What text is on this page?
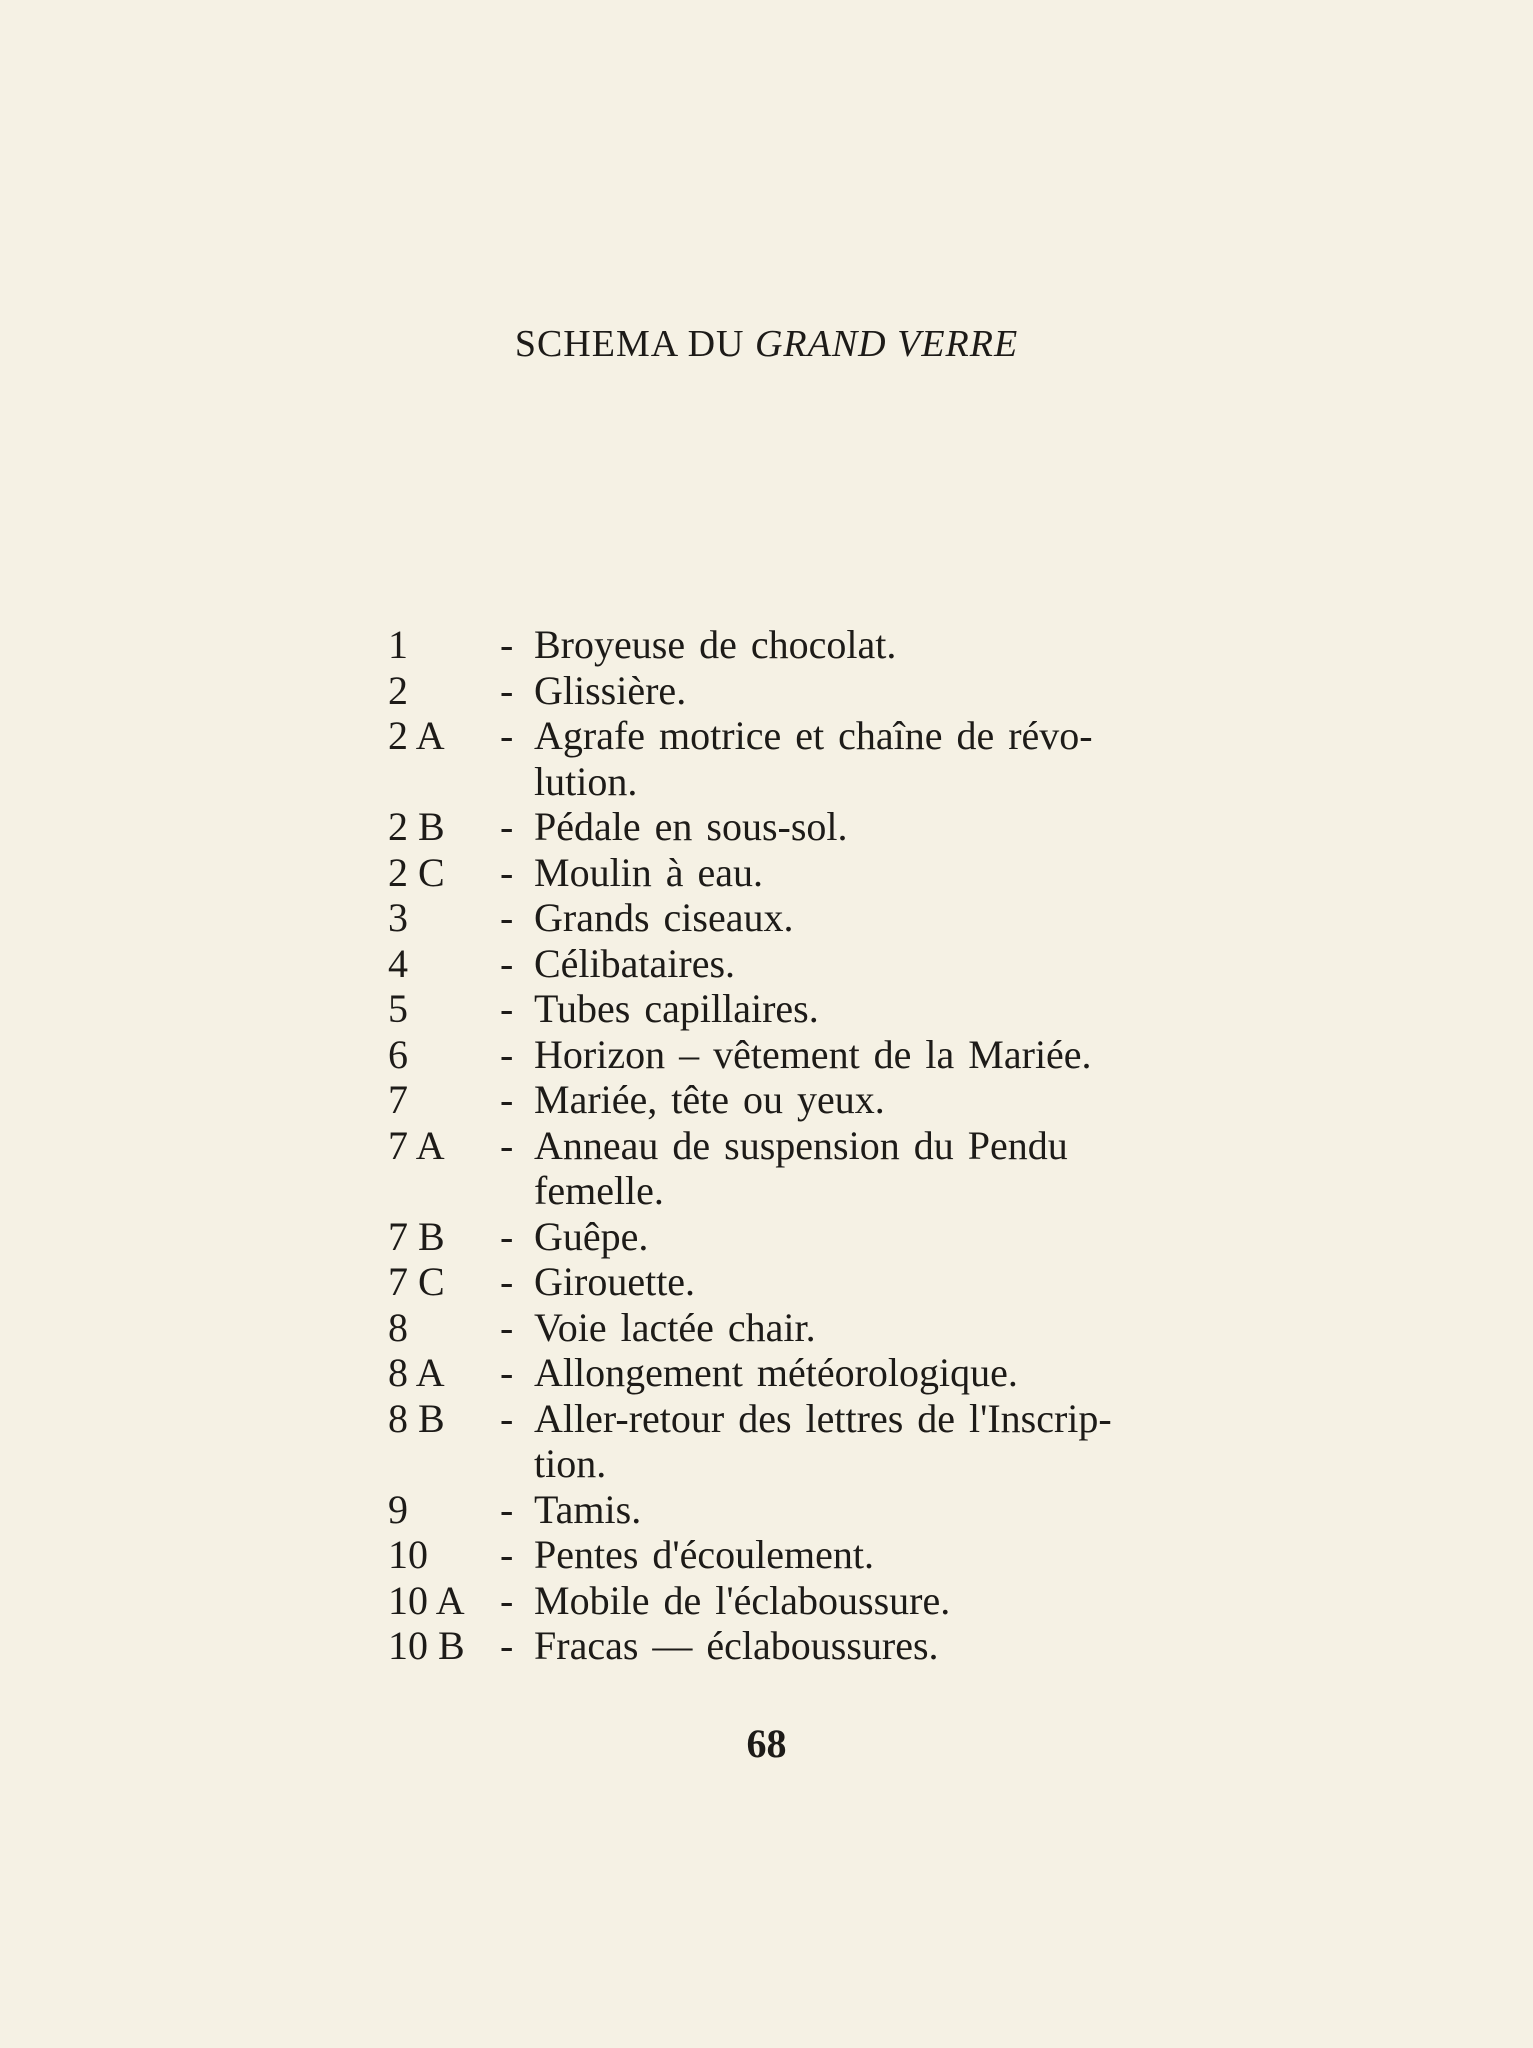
SCHEMA DU GRAND VERRE
1	- Broyeuse de chocolat.
2	- Glissière.
2 A	- Agrafe motrice et chaîne de révo-
lution.
2 B	- Pédale en sous-sol.
2 C	- Moulin à eau.
3	- Grands ciseaux.
4	- Célibataires.
5	- Tubes capillaires.
6	- Horizon – vêtement de la Mariée.
7	- Mariée, tête ou yeux.
7 A	- Anneau de suspension du Pendu
femelle.
7 B	- Guêpe.
7 C	- Girouette.
8	- Voie lactée chair.
8 A	- Allongement météorologique.
8 B	- Aller-retour des lettres de l'Inscrip-
tion.
9	- Tamis.
10	- Pentes d'écoulement.
10 A - Mobile de l'éclaboussure.
10 B - Fracas — éclaboussures.
68
